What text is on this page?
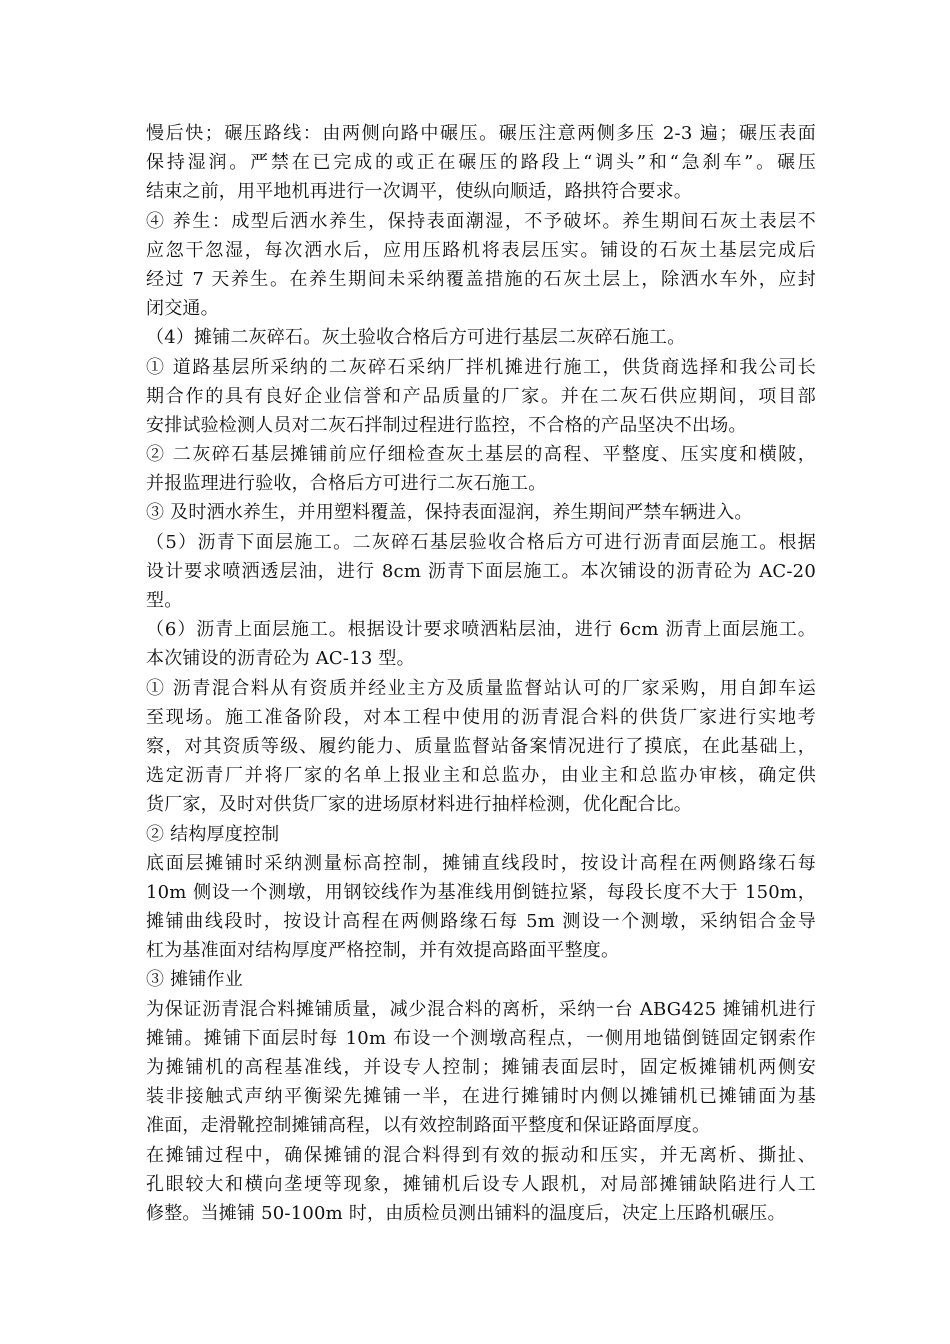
慢后快；碾压路线：由两侧向路中碾压。碾压注意两侧多压 2-3 遍；碾压表面
保持湿润。严禁在已完成的或正在碾压的路段上“调头”和“急刹车”。碾压
结束之前，用平地机再进行一次调平，使纵向顺适，路拱符合要求。
④ 养生：成型后洒水养生，保持表面潮湿，不予破坏。养生期间石灰土表层不
应忽干忽湿，每次洒水后，应用压路机将表层压实。铺设的石灰土基层完成后
经过 7 天养生。在养生期间未采纳覆盖措施的石灰土层上，除洒水车外，应封
闭交通。
（4）摊铺二灰碎石。灰土验收合格后方可进行基层二灰碎石施工。
① 道路基层所采纳的二灰碎石采纳厂拌机摊进行施工，供货商选择和我公司长
期合作的具有良好企业信誉和产品质量的厂家。并在二灰石供应期间，项目部
安排试验检测人员对二灰石拌制过程进行监控，不合格的产品坚决不出场。
② 二灰碎石基层摊铺前应仔细检查灰土基层的高程、平整度、压实度和横陂，
并报监理进行验收，合格后方可进行二灰石施工。
③ 及时洒水养生，并用塑料覆盖，保持表面湿润，养生期间严禁车辆进入。
（5）沥青下面层施工。二灰碎石基层验收合格后方可进行沥青面层施工。根据
设计要求喷洒透层油，进行 8cm 沥青下面层施工。本次铺设的沥青砼为 AC-20
型。
（6）沥青上面层施工。根据设计要求喷洒粘层油，进行 6cm 沥青上面层施工。
本次铺设的沥青砼为 AC-13 型。
① 沥青混合料从有资质并经业主方及质量监督站认可的厂家采购，用自卸车运
至现场。施工准备阶段，对本工程中使用的沥青混合料的供货厂家进行实地考
察，对其资质等级、履约能力、质量监督站备案情况进行了摸底，在此基础上，
选定沥青厂并将厂家的名单上报业主和总监办，由业主和总监办审核，确定供
货厂家，及时对供货厂家的进场原材料进行抽样检测，优化配合比。
② 结构厚度控制
底面层摊铺时采纳测量标高控制，摊铺直线段时，按设计高程在两侧路缘石每
10m 侧设一个测墩，用钢铰线作为基准线用倒链拉紧，每段长度不大于 150m，
摊铺曲线段时，按设计高程在两侧路缘石每 5m 测设一个测墩，采纳铝合金导
杠为基准面对结构厚度严格控制，并有效提高路面平整度。
③ 摊铺作业
为保证沥青混合料摊铺质量，减少混合料的离析，采纳一台 ABG425 摊铺机进行
摊铺。摊铺下面层时每 10m 布设一个测墩高程点，一侧用地锚倒链固定钢索作
为摊铺机的高程基准线，并设专人控制；摊铺表面层时，固定板摊铺机两侧安
装非接触式声纳平衡梁先摊铺一半，在进行摊铺时内侧以摊铺机已摊铺面为基
准面，走滑靴控制摊铺高程，以有效控制路面平整度和保证路面厚度。
在摊铺过程中，确保摊铺的混合料得到有效的振动和压实，并无离析、撕扯、
孔眼较大和横向垄埂等现象，摊铺机后设专人跟机，对局部摊铺缺陷进行人工
修整。当摊铺 50-100m 时，由质检员测出铺料的温度后，决定上压路机碾压。
